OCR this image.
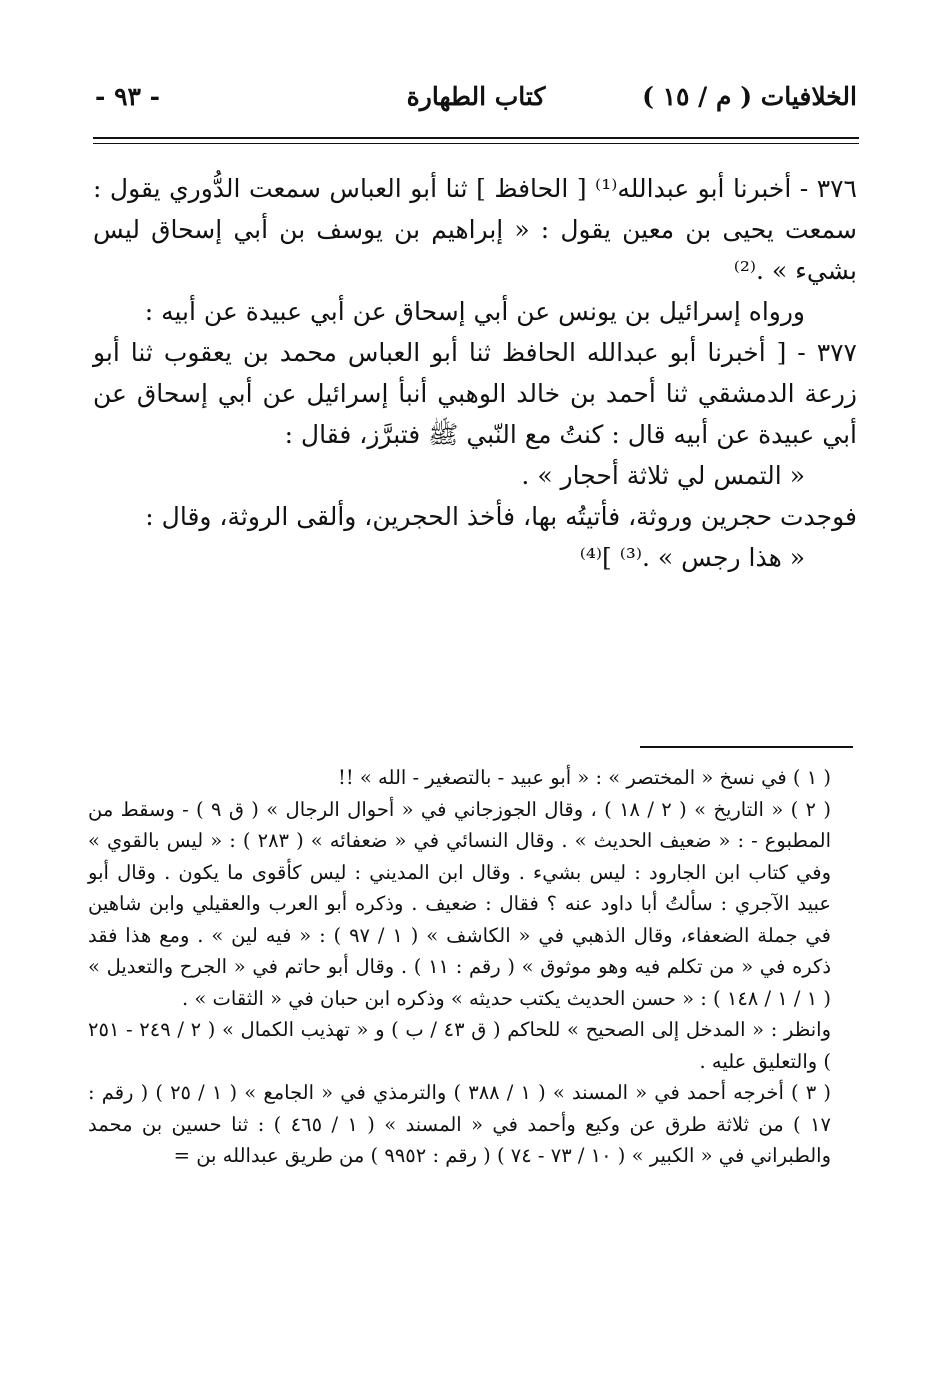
الخلافيات ( م / ١٥ )
كتاب الطهارة
- ٩٣ -

٣٧٦ - أخبرنا أبو عبدالله⁽¹⁾ [ الحافظ ] ثنا أبو العباس سمعت الدُّوري يقول : سمعت يحيى بن معين يقول : « إبراهيم بن يوسف بن أبي إسحاق ليس بشيء » .⁽²⁾

ورواه إسرائيل بن يونس عن أبي إسحاق عن أبي عبيدة عن أبيه :

٣٧٧ - [ أخبرنا أبو عبدالله الحافظ ثنا أبو العباس محمد بن يعقوب ثنا أبو زرعة الدمشقي ثنا أحمد بن خالد الوهبي أنبأ إسرائيل عن أبي إسحاق عن أبي عبيدة عن أبيه قال : كنتُ مع النّبي ﷺ فتبرَّز، فقال :

« التمس لي ثلاثة أحجار » .

فوجدت حجرين وروثة، فأتيتُه بها، فأخذ الحجرين، وألقى الروثة، وقال :

« هذا رجس » .⁽³⁾ ]⁽⁴⁾

( ١ ) في نسخ « المختصر » : « أبو عبيد - بالتصغير - الله » !!

( ٢ ) « التاريخ » ( ٢ / ١٨ ) ، وقال الجوزجاني في « أحوال الرجال » ( ق ٩ ) - وسقط من المطبوع - : « ضعيف الحديث » . وقال النسائي في « ضعفائه » ( ٢٨٣ ) : « ليس بالقوي » وفي كتاب ابن الجارود : ليس بشيء . وقال ابن المديني : ليس كأقوى ما يكون . وقال أبو عبيد الآجري : سألتُ أبا داود عنه ؟ فقال : ضعيف . وذكره أبو العرب والعقيلي وابن شاهين في جملة الضعفاء، وقال الذهبي في « الكاشف » ( ١ / ٩٧ ) : « فيه لين » . ومع هذا فقد ذكره في « من تكلم فيه وهو موثوق » ( رقم : ١١ ) . وقال أبو حاتم في « الجرح والتعديل » ( ١ / ١ / ١٤٨ ) : « حسن الحديث يكتب حديثه » وذكره ابن حبان في « الثقات » .

وانظر : « المدخل إلى الصحيح » للحاكم ( ق ٤٣ / ب ) و « تهذيب الكمال » ( ٢ / ٢٤٩ - ٢٥١ ) والتعليق عليه .

( ٣ ) أخرجه أحمد في « المسند » ( ١ / ٣٨٨ ) والترمذي في « الجامع » ( ١ / ٢٥ ) ( رقم : ١٧ ) من ثلاثة طرق عن وكيع وأحمد في « المسند » ( ١ / ٤٦٥ ) : ثنا حسين بن محمد والطبراني في « الكبير » ( ١٠ / ٧٣ - ٧٤ ) ( رقم : ٩٩٥٢ ) من طريق عبدالله بن =
